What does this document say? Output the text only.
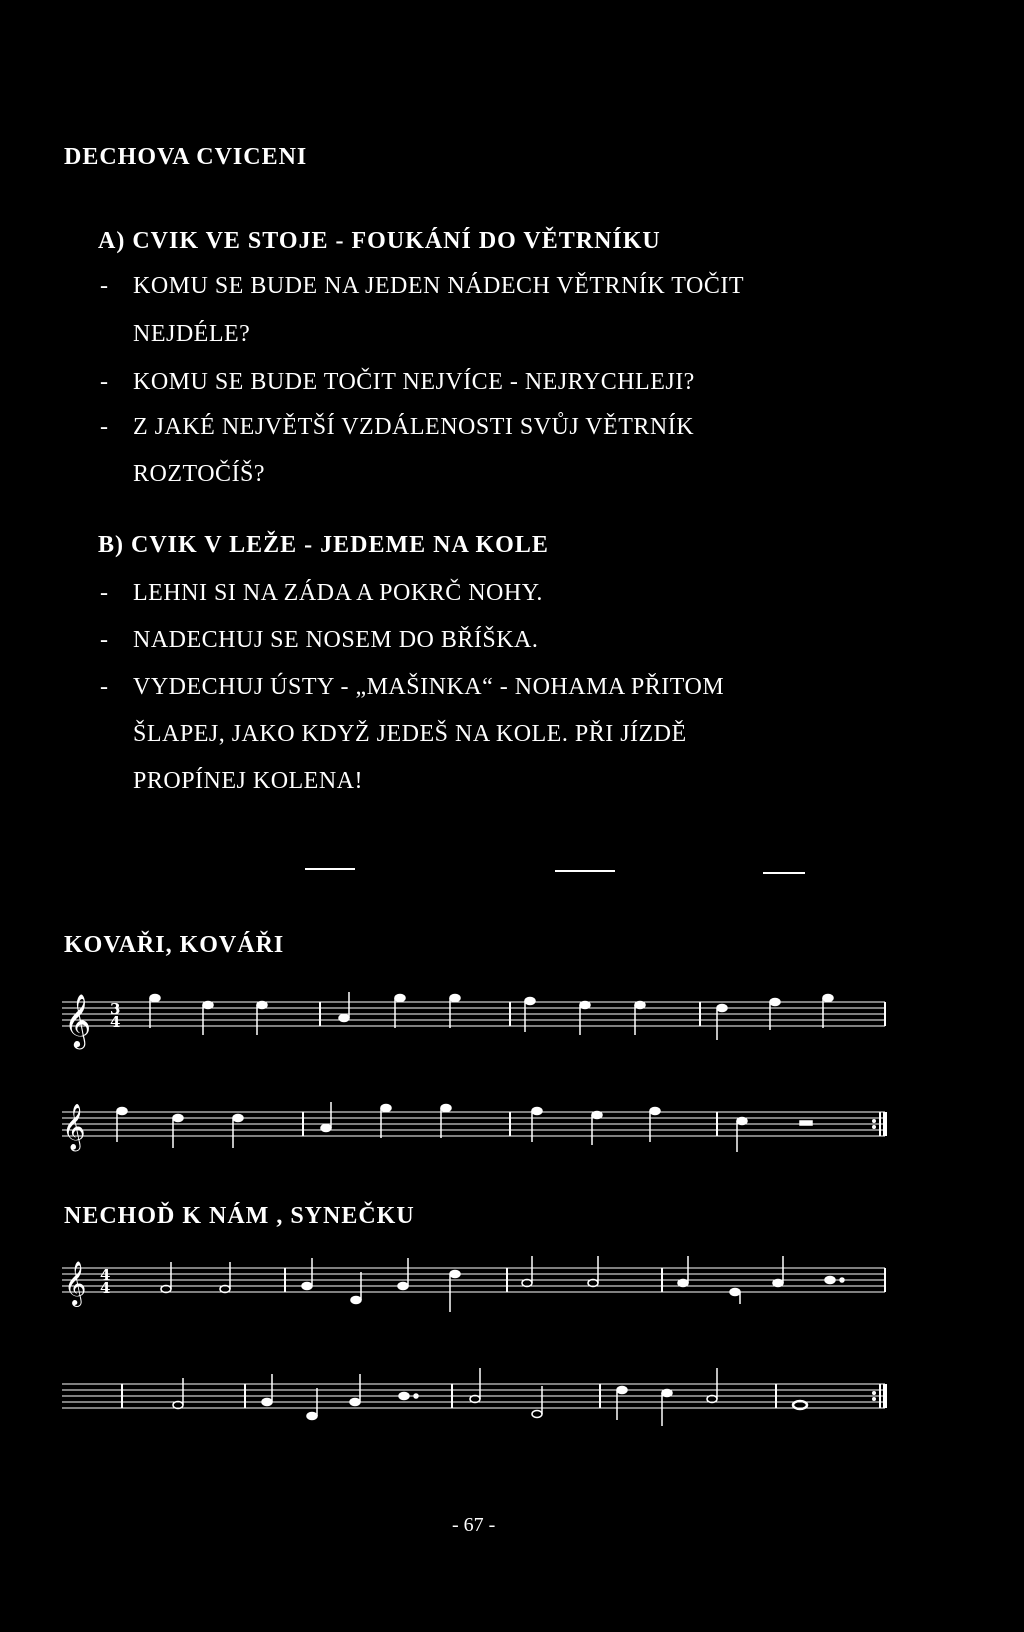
DECHOVA CVICENI
A) CVIK VE STOJE - FOUKÁNÍ DO VĚTRNÍKU
- KOMU SE BUDE NA JEDEN NÁDECH VĚTRNÍK TOČIT
NEJDÉLE?
- KOMU SE BUDE TOČIT NEJVÍCE - NEJRYCHLEJI?
- Z JAKÉ NEJVĚTŠÍ VZDÁLENOSTI SVŮJ VĚTRNÍK
ROZTOČÍŠ?
B) CVIK V LEŽE - JEDEME NA KOLE
- LEHNI SI NA ZÁDA A POKRČ NOHY.
- NADECHUJ SE NOSEM DO BŘÍŠKA.
- VYDECHUJ ÚSTY - „MAŠINKA“ - NOHAMA PŘITOM
ŠLAPEJ, JAKO KDYŽ JEDEŠ NA KOLE. PŘI JÍZDĚ
PROPÍNEJ KOLENA!
KOVAŘI, KOVÁŘI
𝄞 3
4
𝄞
NECHOĎ K NÁM , SYNEČKU
𝄞 4
4
- 67 -
